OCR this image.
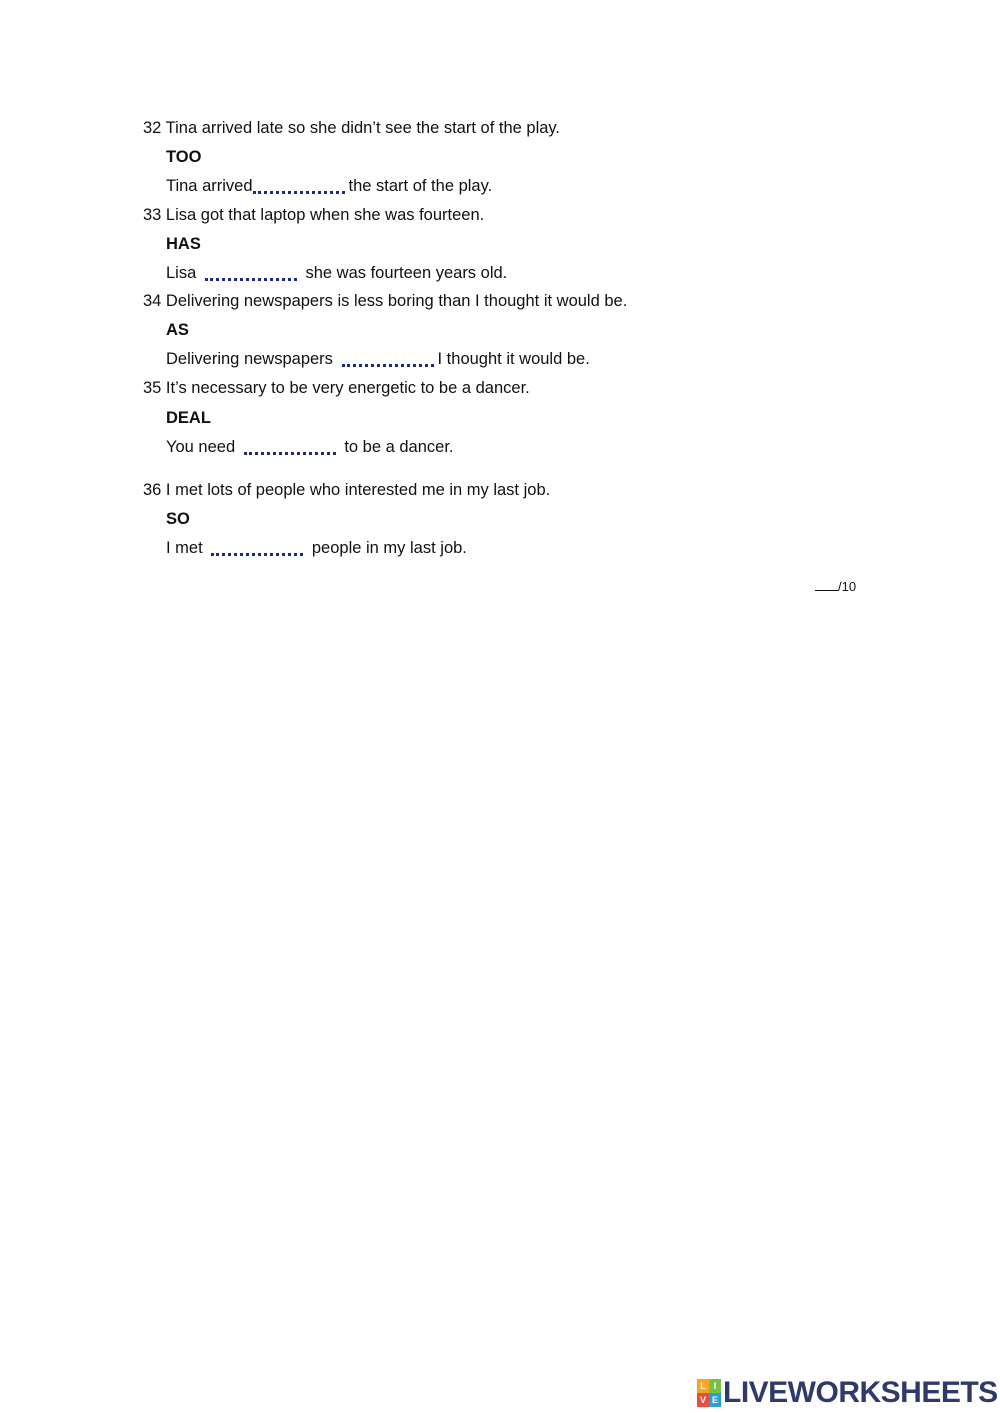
32 Tina arrived late so she didn’t see the start of the play.
TOO
Tina arrived	the start of the play.
33 Lisa got that laptop when she was fourteen.
HAS
Lisa	she was fourteen years old.
34 Delivering newspapers is less boring than I thought it would be.
AS
Delivering newspapers	I thought it would be.
35 It’s necessary to be very energetic to be a dancer.
DEAL
You need	to be a dancer.
36 I met lots of people who interested me in my last job.
SO
I met	people in my last job.
/10
L I
V E LIVEWORKSHEETS
